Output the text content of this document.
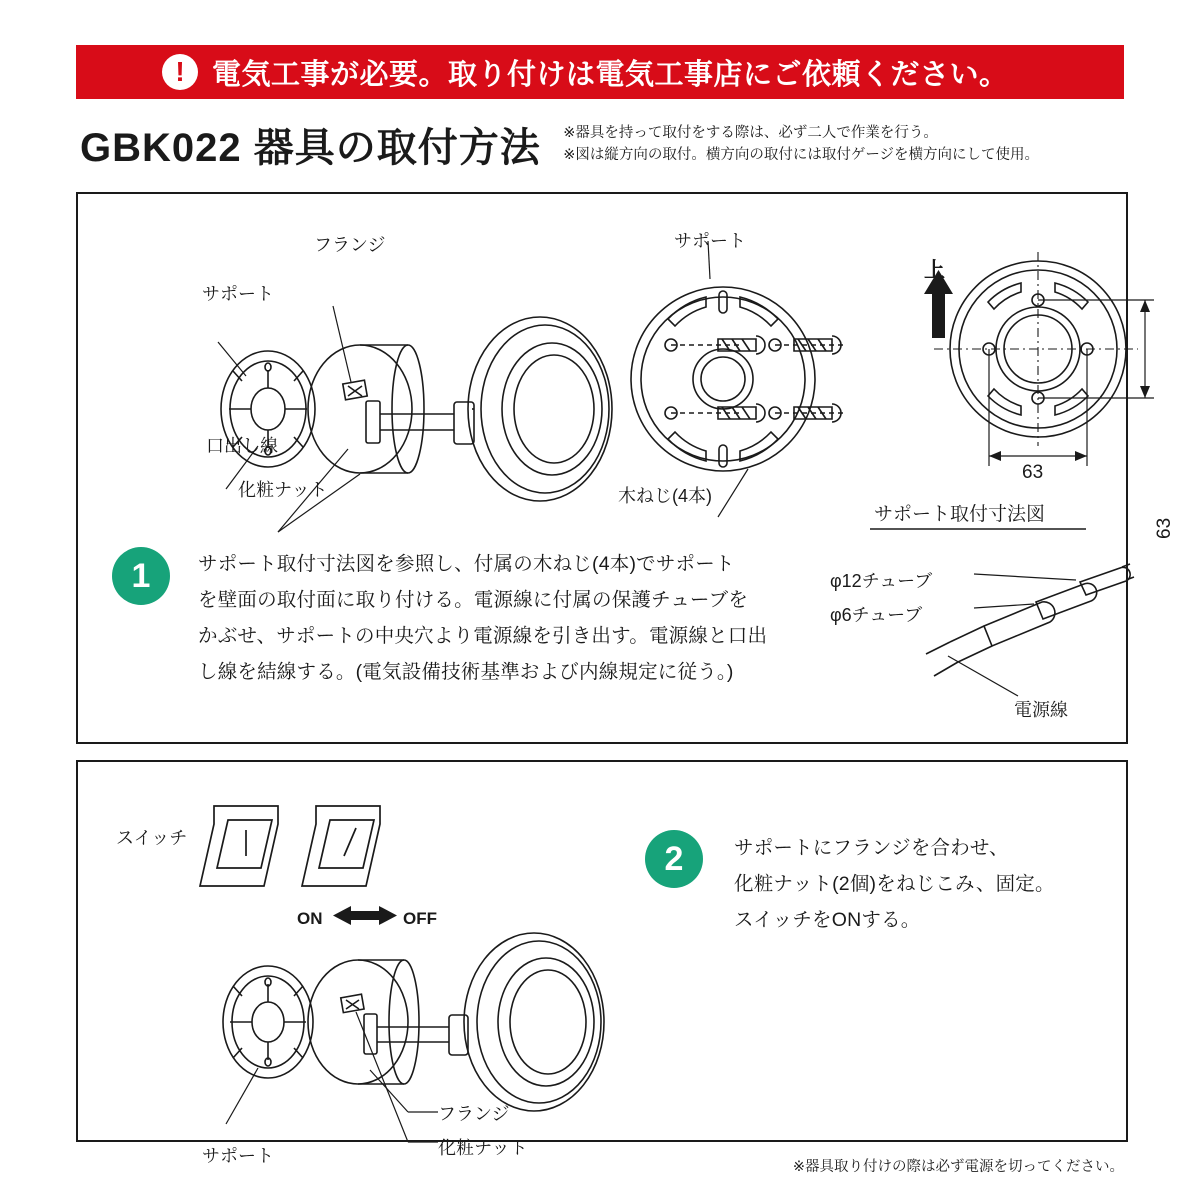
! 電気工事が必要。取り付けは電気工事店にご依頼ください。
GBK022 器具の取付方法 ※器具を持って取付をする際は、必ず二人で作業を行う。
※図は縦方向の取付。横方向の取付には取付ゲージを横方向にして使用。
サポート
フランジ
口出し線
化粧ナット
サポート
木ねじ(4本)
上
63
63
サポート取付寸法図
1	サポート取付寸法図を参照し、付属の木ねじ(4本)でサポート
を壁面の取付面に取り付ける。電源線に付属の保護チューブを
かぶせ、サポートの中央穴より電源線を引き出す。電源線と口出
し線を結線する。(電気設備技術基準および内線規定に従う。)
φ12チューブ
φ6チューブ
電源線
ON	OFF
スイッチ
サポート
フランジ
化粧ナット
2	サポートにフランジを合わせ、
化粧ナット(2個)をねじこみ、固定。
スイッチをONする。
※器具取り付けの際は必ず電源を切ってください。
